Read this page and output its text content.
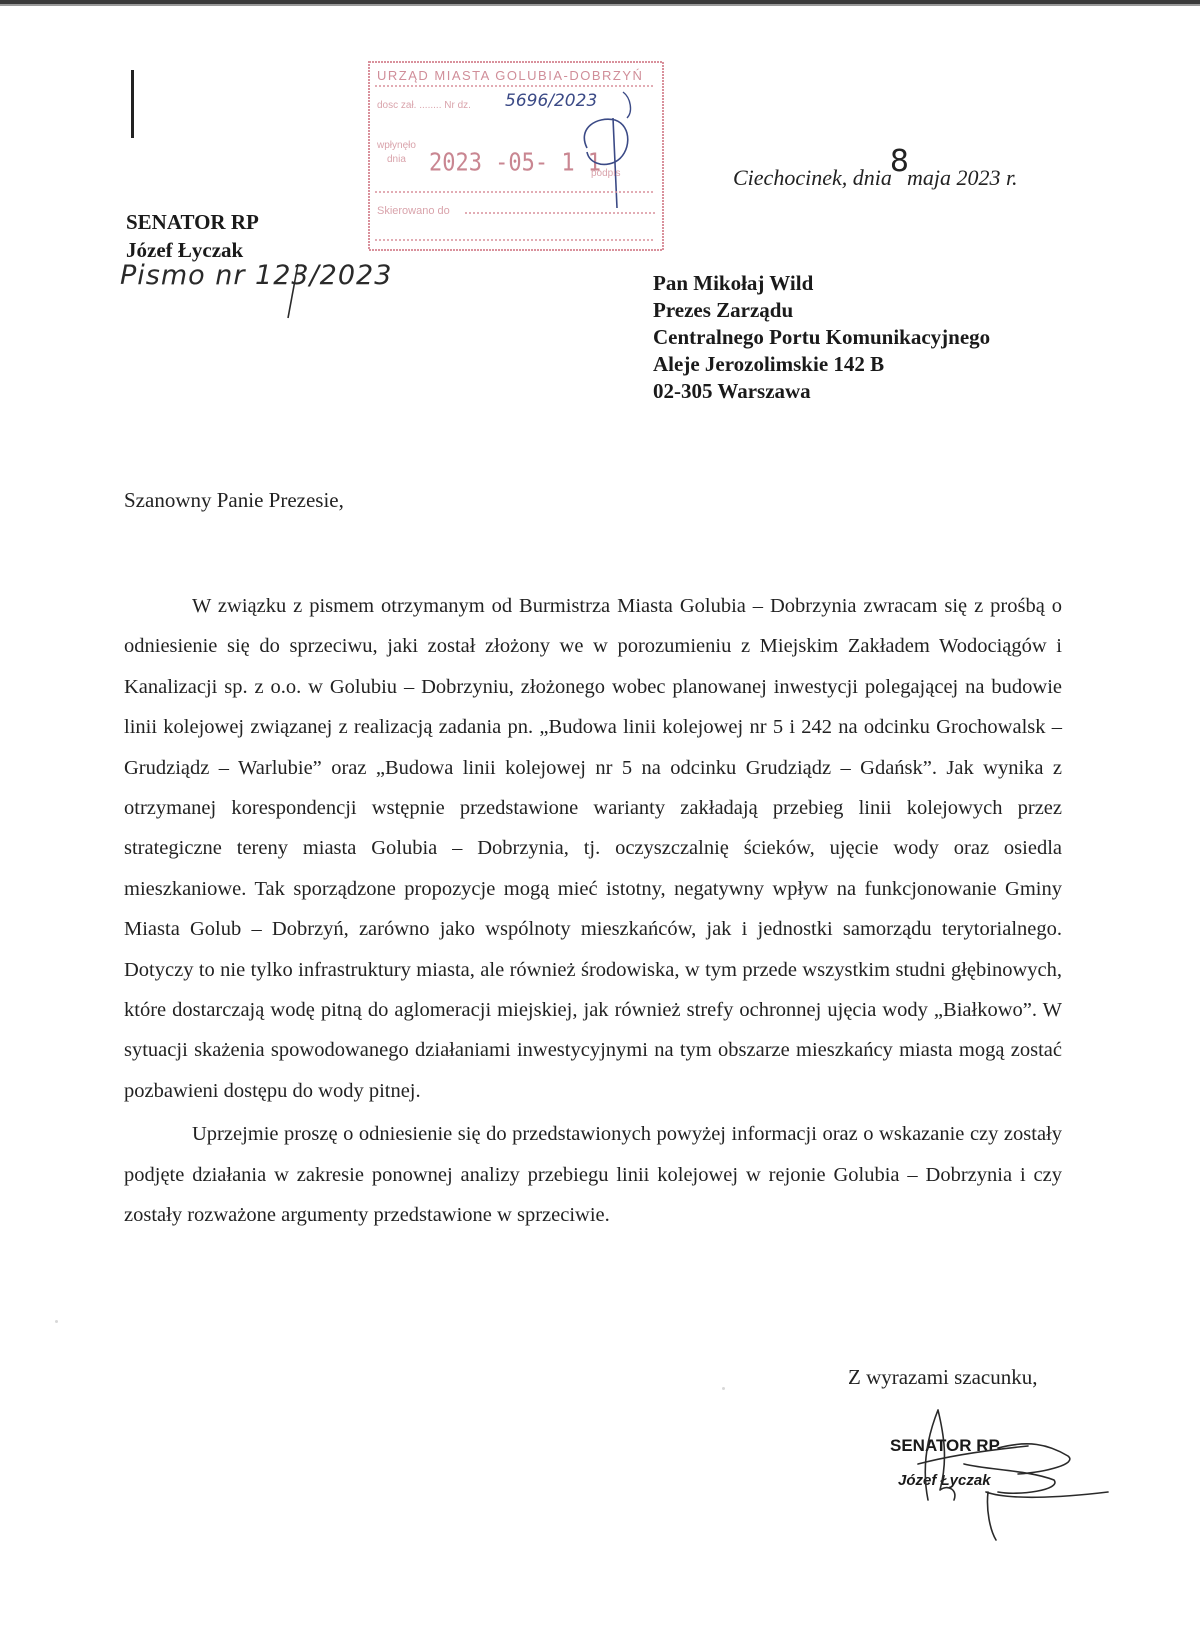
URZĄD MIASTA GOLUBIA-DOBRZYŃ
dosc zał. ........ Nr dz. 5696/2023
wpłynęło
dnia 2023 -05- 1 1
podpis
Skierowano do
Ciechocinek, dnia8maja 2023 r.
SENATOR RP
Józef Łyczak
Pismo nr 123/2023	Pan Mikołaj Wild
Prezes Zarządu
Centralnego Portu Komunikacyjnego
Aleje Jerozolimskie 142 B
02-305 Warszawa
Szanowny Panie Prezesie,

W związku z pismem otrzymanym od Burmistrza Miasta Golubia – Dobrzynia zwracam się z prośbą o odniesienie się do sprzeciwu, jaki został złożony we w porozumieniu z Miejskim Zakładem Wodociągów i Kanalizacji sp. z o.o. w Golubiu – Dobrzyniu, złożonego wobec planowanej inwestycji polegającej na budowie linii kolejowej związanej z realizacją zadania pn. „Budowa linii kolejowej nr 5 i 242 na odcinku Grochowalsk – Grudziądz – Warlubie” oraz „Budowa linii kolejowej nr 5 na odcinku Grudziądz – Gdańsk”. Jak wynika z otrzymanej korespondencji wstępnie przedstawione warianty zakładają przebieg linii kolejowych przez strategiczne tereny miasta Golubia – Dobrzynia, tj. oczyszczalnię ścieków, ujęcie wody oraz osiedla mieszkaniowe. Tak sporządzone propozycje mogą mieć istotny, negatywny wpływ na funkcjonowanie Gminy Miasta Golub – Dobrzyń, zarówno jako wspólnoty mieszkańców, jak i jednostki samorządu terytorialnego. Dotyczy to nie tylko infrastruktury miasta, ale również środowiska, w tym przede wszystkim studni głębinowych, które dostarczają wodę pitną do aglomeracji miejskiej, jak również strefy ochronnej ujęcia wody „Białkowo”. W sytuacji skażenia spowodowanego działaniami inwestycyjnymi na tym obszarze mieszkańcy miasta mogą zostać pozbawieni dostępu do wody pitnej.

Uprzejmie proszę o odniesienie się do przedstawionych powyżej informacji oraz o wskazanie czy zostały podjęte działania w zakresie ponownej analizy przebiegu linii kolejowej w rejonie Golubia – Dobrzynia i czy zostały rozważone argumenty przedstawione w sprzeciwie.

Z wyrazami szacunku,
SENATOR RP
Józef Łyczak
